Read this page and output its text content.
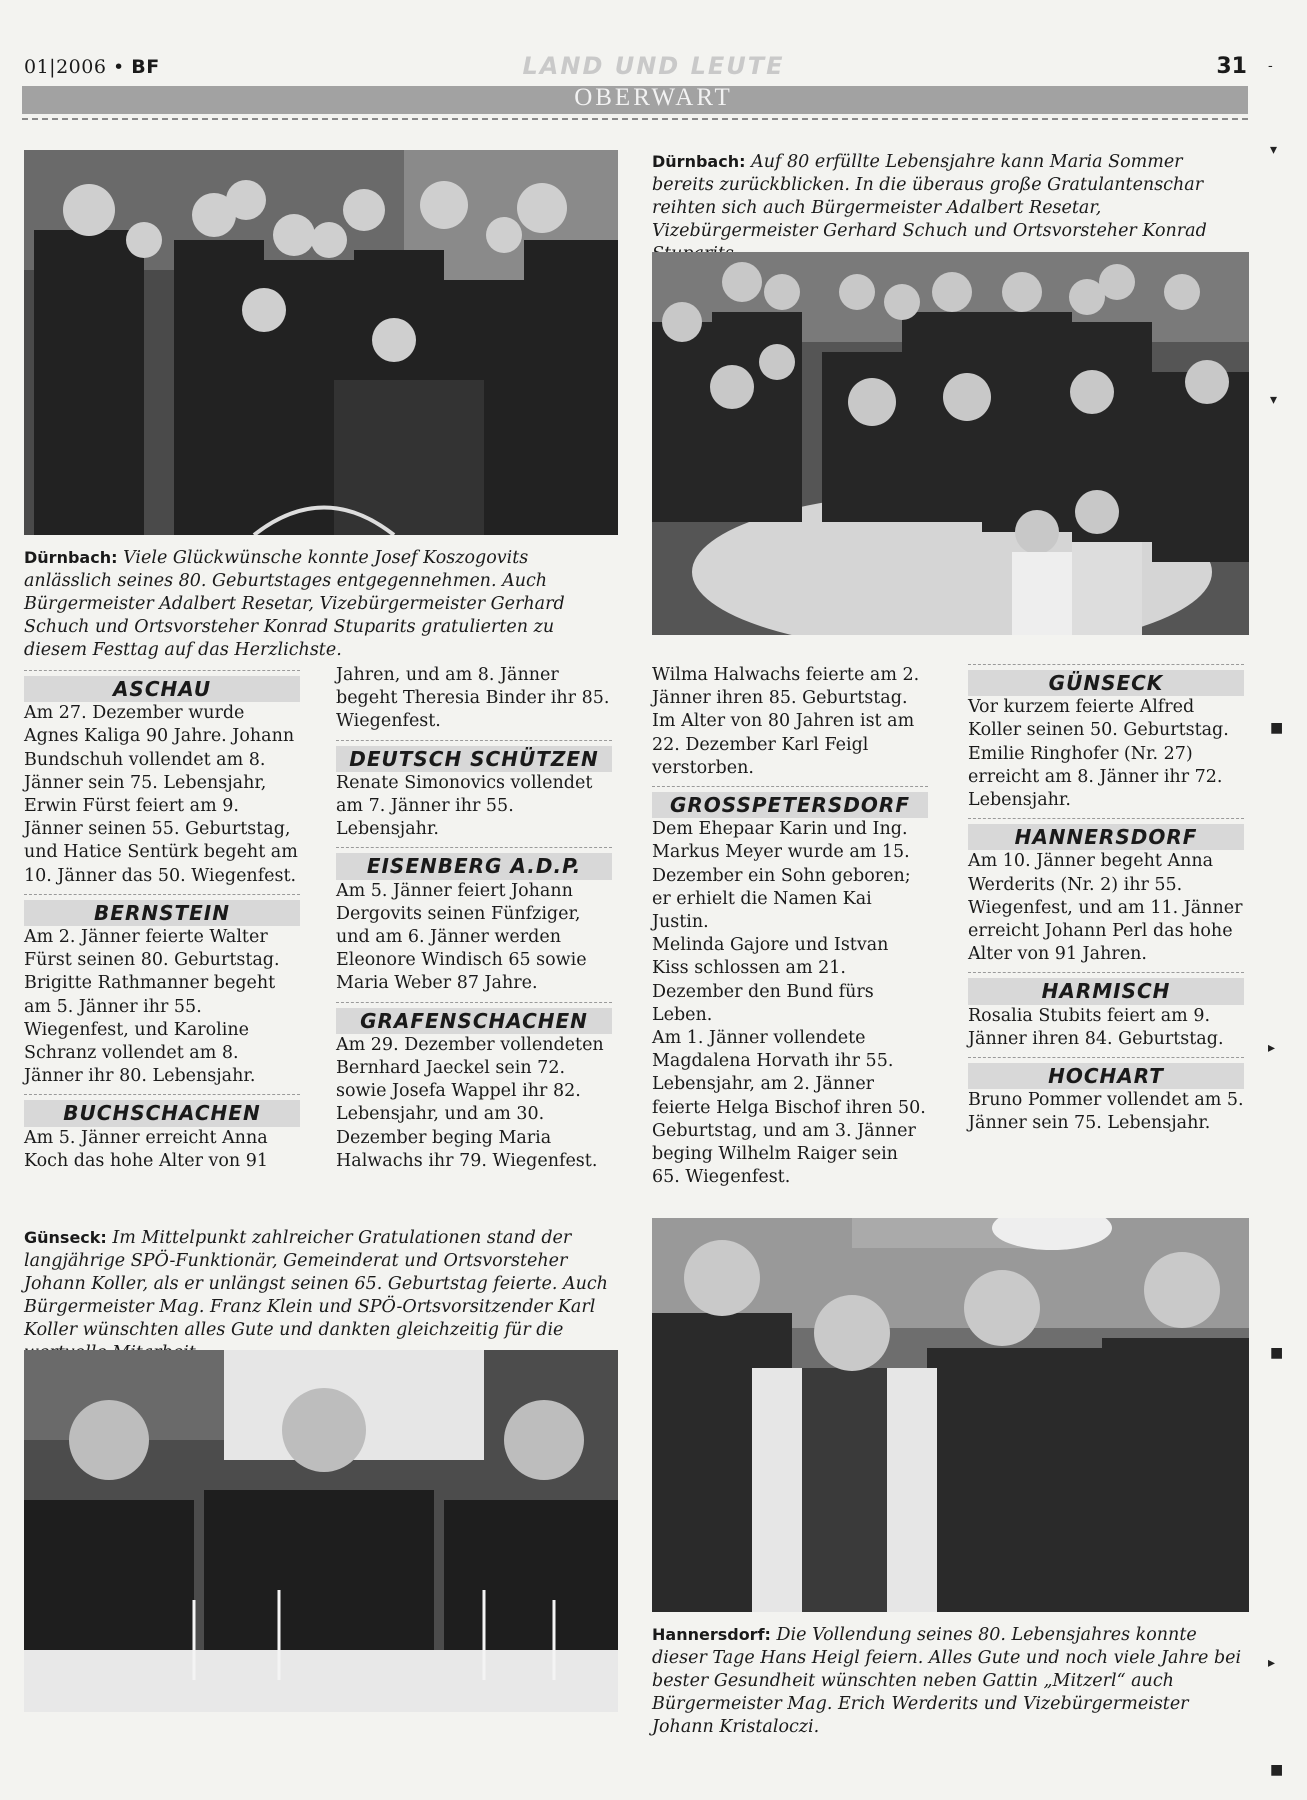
01|2006 • BF	LAND UND LEUTE	31
OBERWART
Dürnbach: Viele Glückwünsche konnte Josef Koszogovits anlässlich seines 80. Geburtstages entgegennehmen. Auch Bürgermeister Adalbert Resetar, Vizebürgermeister Gerhard Schuch und Ortsvorsteher Konrad Stuparits gratulierten zu diesem Festtag auf das Herzlichste.
Dürnbach: Auf 80 erfüllte Lebensjahre kann Maria Sommer bereits zurückblicken. In die überaus große Gratulantenschar reihten sich auch Bürgermeister Adalbert Resetar, Vizebürgermeister Gerhard Schuch und Ortsvorsteher Konrad
ASCHAU

Am 27. Dezember wurde Agnes Kaliga 90 Jahre. Johann Bundschuh vollendet am 8. Jänner sein 75. Lebensjahr, Erwin Fürst feiert am 9. Jänner seinen 55. Geburtstag, und Hatice Sentürk begeht am 10. Jänner das 50. Wiegenfest.

BERNSTEIN

Am 2. Jänner feierte Walter Fürst seinen 80. Geburtstag. Brigitte Rathmanner begeht am 5. Jänner ihr 55. Wiegenfest, und Karoline Schranz vollendet am 8. Jänner ihr 80. Lebensjahr.

BUCHSCHACHEN

Am 5. Jänner erreicht Anna Koch das hohe Alter von 91

Jahren, und am 8. Jänner begeht Theresia Binder ihr 85. Wiegenfest.

DEUTSCH SCHÜTZEN

Renate Simonovics vollendet am 7. Jänner ihr 55. Lebensjahr.

EISENBERG A.D.P.

Am 5. Jänner feiert Johann Dergovits seinen Fünfziger, und am 6. Jänner werden Eleonore Windisch 65 sowie Maria Weber 87 Jahre.

GRAFENSCHACHEN

Am 29. Dezember vollendeten Bernhard Jaeckel sein 72. sowie Josefa Wappel ihr 82. Lebensjahr, und am 30. Dezember beging Maria Halwachs ihr 79. Wiegenfest.

Wilma Halwachs feierte am 2. Jänner ihren 85. Geburtstag.

Im Alter von 80 Jahren ist am 22. Dezember Karl Feigl verstorben.

GROSSPETERSDORF

Dem Ehepaar Karin und Ing. Markus Meyer wurde am 15. Dezember ein Sohn geboren; er erhielt die Namen Kai Justin.

Melinda Gajore und Istvan Kiss schlossen am 21. Dezember den Bund fürs Leben.

Am 1. Jänner vollendete Magdalena Horvath ihr 55. Lebensjahr, am 2. Jänner feierte Helga Bischof ihren 50. Geburtstag, und am 3. Jänner beging Wilhelm Raiger sein 65. Wiegenfest.

GÜNSECK

Vor kurzem feierte Alfred Koller seinen 50. Geburtstag. Emilie Ringhofer (Nr. 27) erreicht am 8. Jänner ihr 72. Lebensjahr.

HANNERSDORF

Am 10. Jänner begeht Anna Werderits (Nr. 2) ihr 55. Wiegenfest, und am 11. Jänner erreicht Johann Perl das hohe Alter von 91 Jahren.

HARMISCH

Rosalia Stubits feiert am 9. Jänner ihren 84. Geburtstag.

HOCHART

Bruno Pommer vollendet am 5. Jänner sein 75. Lebensjahr.

Günseck: Im Mittelpunkt zahlreicher Gratulationen stand der langjährige SPÖ-Funktionär, Gemeinderat und Ortsvorsteher Johann Koller, als er unlängst seinen 65. Geburtstag feierte. Auch Bürgermeister Mag. Franz Klein und SPÖ-Ortsvorsitzender Karl Koller wünschten alles Gute und dankten gleichzeitig für die
Hannersdorf: Die Vollendung seines 80. Lebensjahres konnte dieser Tage Hans Heigl feiern. Alles Gute und noch viele Jahre bei bester Gesundheit wünschten neben Gattin „Mitzerl“ auch Bürgermeister Mag. Erich Werderits und Vizebürgermeister Johann Kristaloczi.
-
▾
▾
■
▸
■
▸
■
